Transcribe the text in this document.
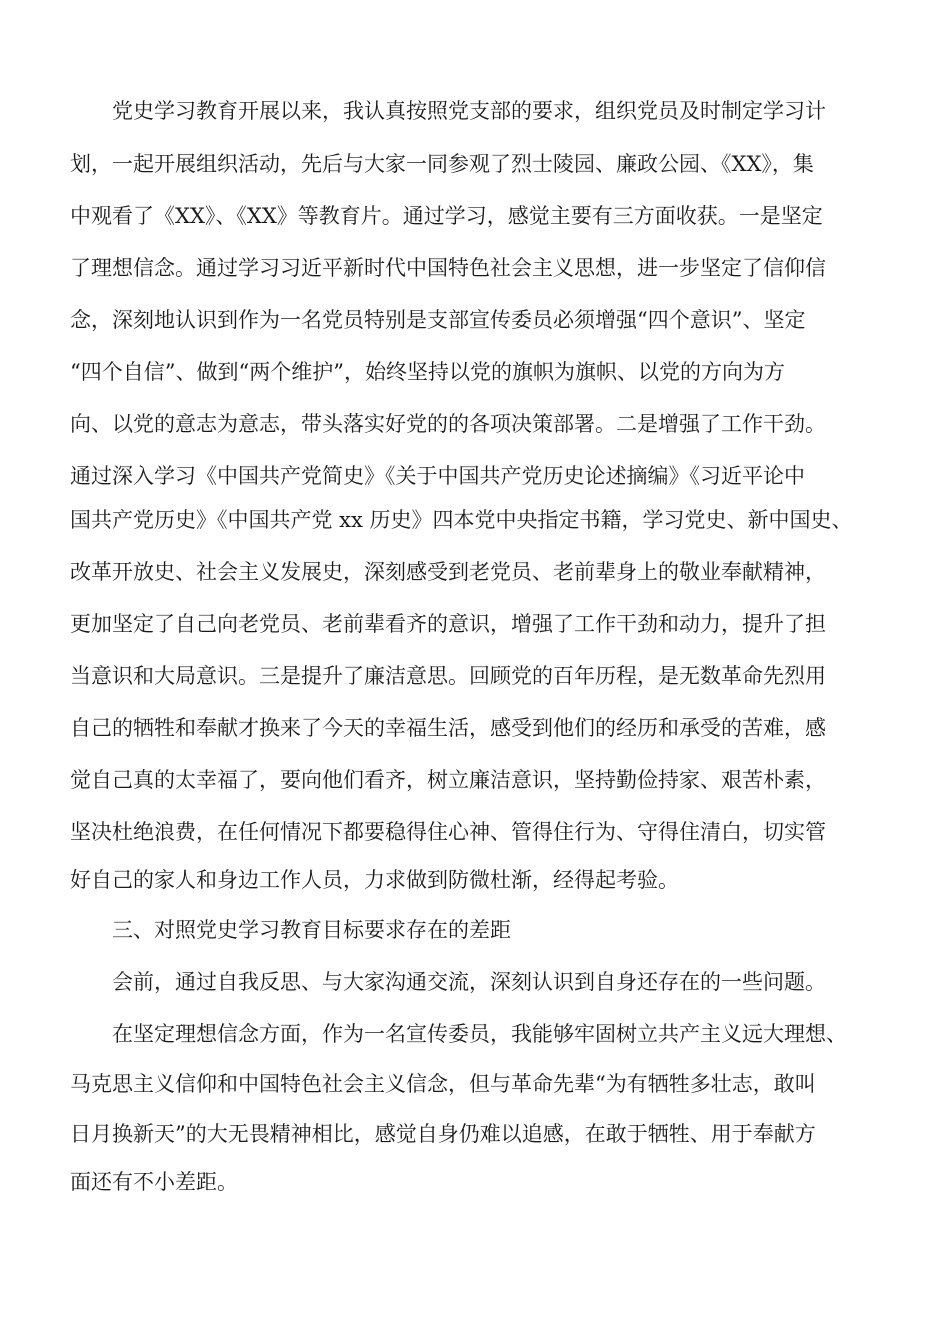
党史学习教育开展以来，我认真按照党支部的要求，组织党员及时制定学习计
划，一起开展组织活动，先后与大家一同参观了烈士陵园、廉政公园、《XX》，集
中观看了《XX》、《XX》等教育片。通过学习，感觉主要有三方面收获。一是坚定
了理想信念。通过学习习近平新时代中国特色社会主义思想，进一步坚定了信仰信
念，深刻地认识到作为一名党员特别是支部宣传委员必须增强“四个意识”、坚定
“四个自信”、做到“两个维护”，始终坚持以党的旗帜为旗帜、以党的方向为方
向、以党的意志为意志，带头落实好党的的各项决策部署。二是增强了工作干劲。
通过深入学习《中国共产党简史》《关于中国共产党历史论述摘编》《习近平论中
国共产党历史》《中国共产党 xx 历史》四本党中央指定书籍，学习党史、新中国史、
改革开放史、社会主义发展史，深刻感受到老党员、老前辈身上的敬业奉献精神，
更加坚定了自己向老党员、老前辈看齐的意识，增强了工作干劲和动力，提升了担
当意识和大局意识。三是提升了廉洁意思。回顾党的百年历程，是无数革命先烈用
自己的牺牲和奉献才换来了今天的幸福生活，感受到他们的经历和承受的苦难，感
觉自己真的太幸福了，要向他们看齐，树立廉洁意识，坚持勤俭持家、艰苦朴素，
坚决杜绝浪费，在任何情况下都要稳得住心神、管得住行为、守得住清白，切实管
好自己的家人和身边工作人员，力求做到防微杜渐，经得起考验。
三、对照党史学习教育目标要求存在的差距
会前，通过自我反思、与大家沟通交流，深刻认识到自身还存在的一些问题。
在坚定理想信念方面，作为一名宣传委员，我能够牢固树立共产主义远大理想、
马克思主义信仰和中国特色社会主义信念，但与革命先辈“为有牺牲多壮志，敢叫
日月换新天”的大无畏精神相比，感觉自身仍难以追感，在敢于牺牲、用于奉献方
面还有不小差距。
